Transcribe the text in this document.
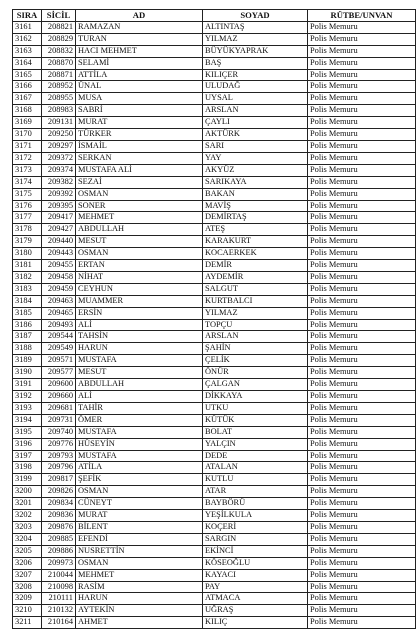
SIRA	SİCİL	AD	SOYAD	RÜTBE/UNVAN
3161	208821	RAMAZAN	ALTINTAŞ	Polis Memuru
3162	208829	TURAN	YILMAZ	Polis Memuru
3163	208832	HACI MEHMET	BÜYÜKYAPRAK	Polis Memuru
3164	208870	SELAMİ	BAŞ	Polis Memuru
3165	208871	ATTİLA	KILIÇER	Polis Memuru
3166	208952	ÜNAL	ULUDAĞ	Polis Memuru
3167	208955	MUSA	UYSAL	Polis Memuru
3168	208983	SABRİ	ARSLAN	Polis Memuru
3169	209131	MURAT	ÇAYLI	Polis Memuru
3170	209250	TÜRKER	AKTÜRK	Polis Memuru
3171	209297	İSMAİL	SARI	Polis Memuru
3172	209372	SERKAN	YAY	Polis Memuru
3173	209374	MUSTAFA ALİ	AKYÜZ	Polis Memuru
3174	209382	SEZAİ	SARIKAYA	Polis Memuru
3175	209392	OSMAN	BAKAN	Polis Memuru
3176	209395	SONER	MAVİŞ	Polis Memuru
3177	209417	MEHMET	DEMİRTAŞ	Polis Memuru
3178	209427	ABDULLAH	ATEŞ	Polis Memuru
3179	209440	MESUT	KARAKURT	Polis Memuru
3180	209443	OSMAN	KOCAERKEK	Polis Memuru
3181	209455	ERTAN	DEMİR	Polis Memuru
3182	209458	NİHAT	AYDEMİR	Polis Memuru
3183	209459	CEYHUN	SALGUT	Polis Memuru
3184	209463	MUAMMER	KURTBALCI	Polis Memuru
3185	209465	ERSİN	YILMAZ	Polis Memuru
3186	209493	ALİ	TOPÇU	Polis Memuru
3187	209544	TAHSİN	ARSLAN	Polis Memuru
3188	209549	HARUN	ŞAHİN	Polis Memuru
3189	209571	MUSTAFA	ÇELİK	Polis Memuru
3190	209577	MESUT	ÖNÜR	Polis Memuru
3191	209600	ABDULLAH	ÇALGAN	Polis Memuru
3192	209660	ALİ	DİKKAYA	Polis Memuru
3193	209681	TAHİR	UTKU	Polis Memuru
3194	209731	ÖMER	KÜTÜK	Polis Memuru
3195	209740	MUSTAFA	BOLAT	Polis Memuru
3196	209776	HÜSEYİN	YALÇIN	Polis Memuru
3197	209793	MUSTAFA	DEDE	Polis Memuru
3198	209796	ATİLA	ATALAN	Polis Memuru
3199	209817	ŞEFİK	KUTLU	Polis Memuru
3200	209826	OSMAN	ATAR	Polis Memuru
3201	209834	CÜNEYT	BAYBÖRÜ	Polis Memuru
3202	209836	MURAT	YEŞİLKULA	Polis Memuru
3203	209876	BİLENT	KOÇERİ	Polis Memuru
3204	209885	EFENDİ	SARGIN	Polis Memuru
3205	209886	NUSRETTİN	EKİNCİ	Polis Memuru
3206	209973	OSMAN	KÖSEOĞLU	Polis Memuru
3207	210044	MEHMET	KAYACI	Polis Memuru
3208	210098	RASİM	PAY	Polis Memuru
3209	210111	HARUN	ATMACA	Polis Memuru
3210	210132	AYTEKİN	UĞRAŞ	Polis Memuru
3211	210164	AHMET	KILIÇ	Polis Memuru
